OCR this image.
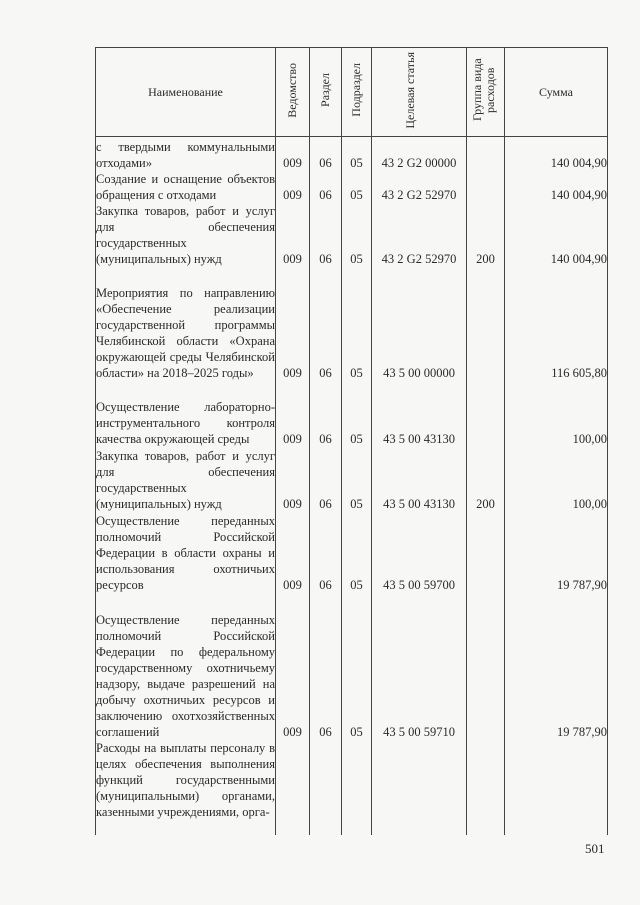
Наименование	Ведомство	Раздел	Подраздел	Целевая статья	Группа вида расходов	Сумма
с твердыми коммунальными отходами»	009	06	05	43 2 G2 00000		140 004,90
Создание и оснащение объектов обращения с отходами	009	06	05	43 2 G2 52970		140 004,90
Закупка товаров, работ и услуг для обеспечения государственных (муниципальных) нужд	009	06	05	43 2 G2 52970	200	140 004,90
Мероприятия по направлению «Обеспечение реализации государственной программы Челябинской области «Охрана окружающей среды Челябинской области» на 2018–2025 годы»	009	06	05	43 5 00 00000		116 605,80
Осуществление лабораторно-инструментального контроля качества окружающей среды	009	06	05	43 5 00 43130		100,00
Закупка товаров, работ и услуг для обеспечения государственных (муниципальных) нужд	009	06	05	43 5 00 43130	200	100,00
Осуществление переданных полномочий Российской Федерации в области охраны и использования охотничьих ресурсов	009	06	05	43 5 00 59700		19 787,90
Осуществление переданных полномочий Российской Федерации по федеральному государственному охотничьему надзору, выдаче разрешений на добычу охотничьих ресурсов и заключению охотхозяйственных соглашений	009	06	05	43 5 00 59710		19 787,90
Расходы на выплаты персоналу в целях обеспечения выполнения функций государственными (муниципальными) органами, казенными учреждениями, орга-						
501
